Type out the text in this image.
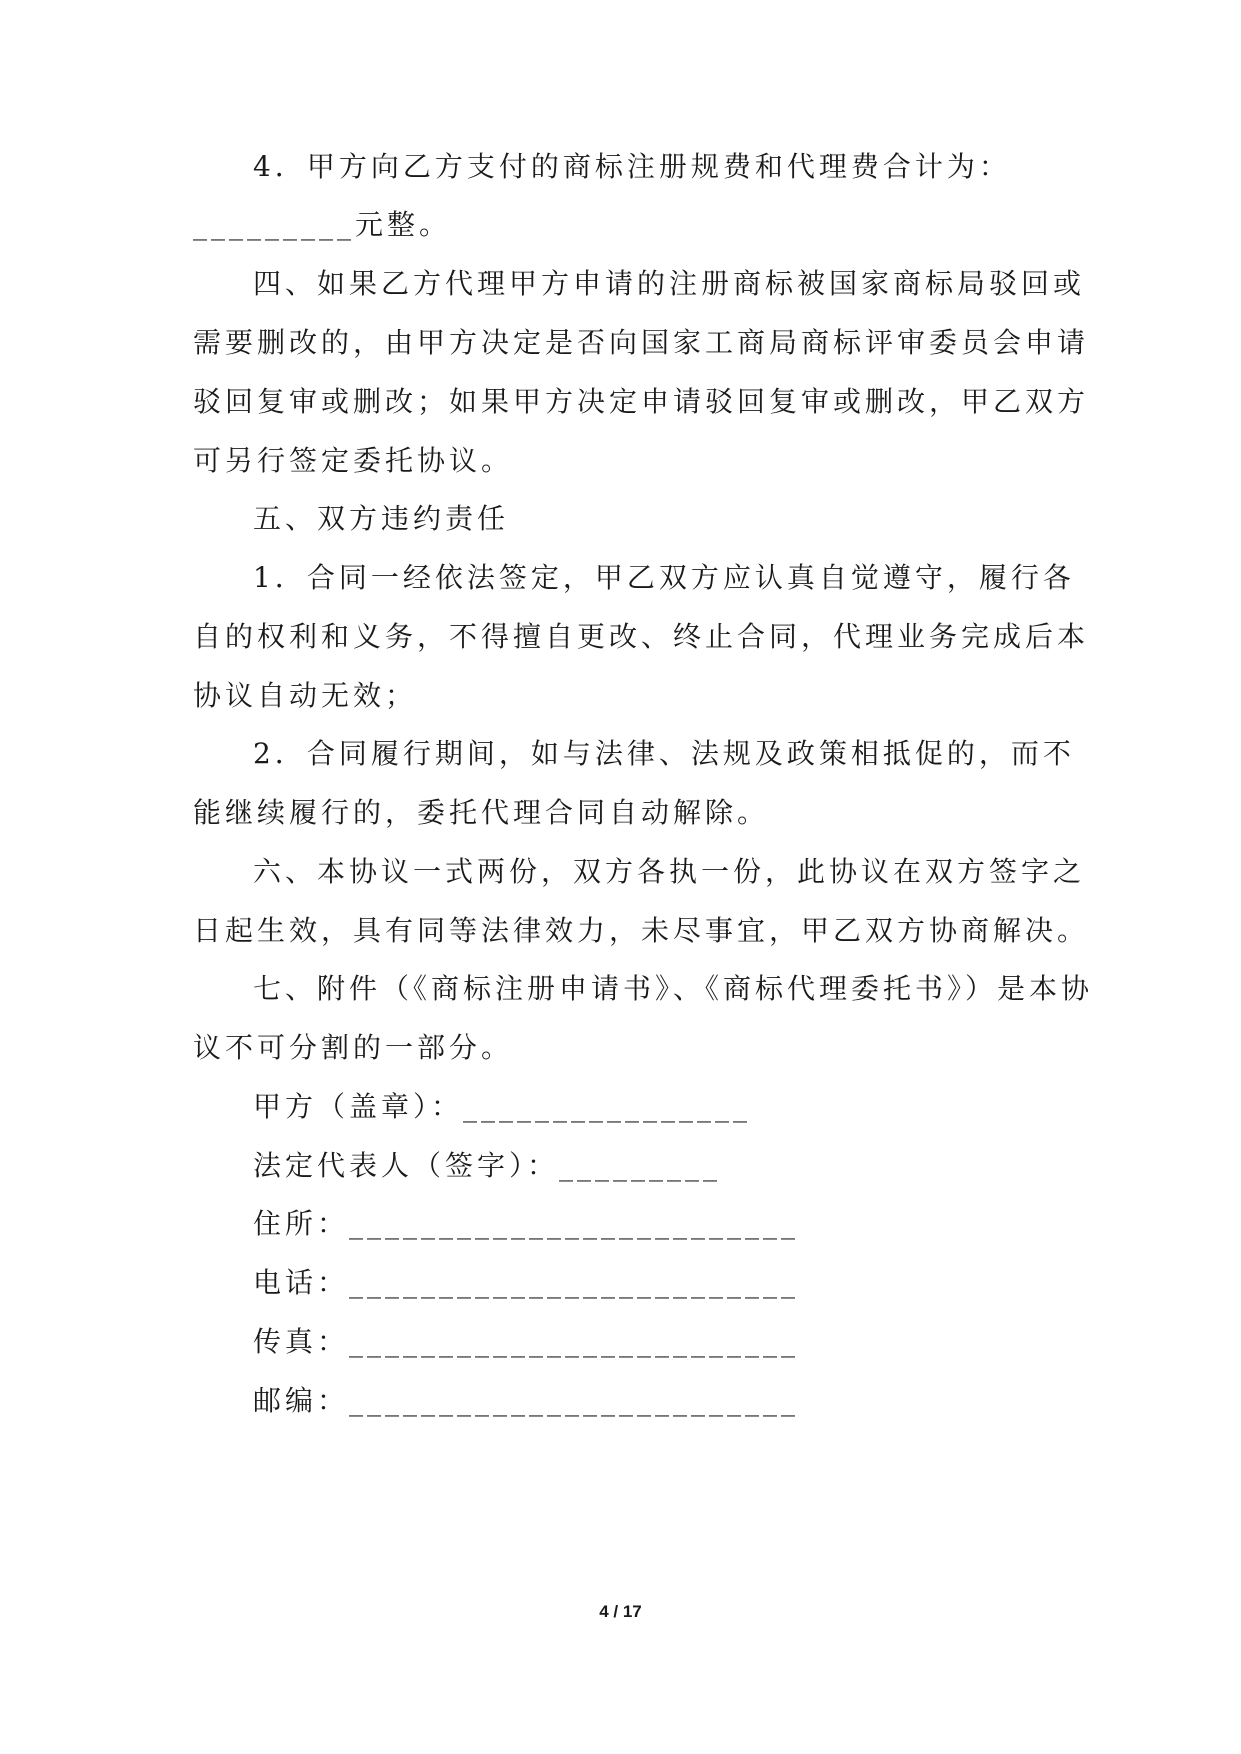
4．甲方向乙方支付的商标注册规费和代理费合计为：
_________元整。
四、如果乙方代理甲方申请的注册商标被国家商标局驳回或
需要删改的，由甲方决定是否向国家工商局商标评审委员会申请
驳回复审或删改；如果甲方决定申请驳回复审或删改，甲乙双方
可另行签定委托协议。
五、双方违约责任
1．合同一经依法签定，甲乙双方应认真自觉遵守，履行各
自的权利和义务，不得擅自更改、终止合同，代理业务完成后本
协议自动无效；
2．合同履行期间，如与法律、法规及政策相抵促的，而不
能继续履行的，委托代理合同自动解除。
六、本协议一式两份，双方各执一份，此协议在双方签字之
日起生效，具有同等法律效力，未尽事宜，甲乙双方协商解决。
七、附件（《商标注册申请书》、《商标代理委托书》）是本协
议不可分割的一部分。
甲方（盖章）：________________
法定代表人（签字）：_________
住所：_________________________
电话：_________________________
传真：_________________________
邮编：_________________________
4 / 17
